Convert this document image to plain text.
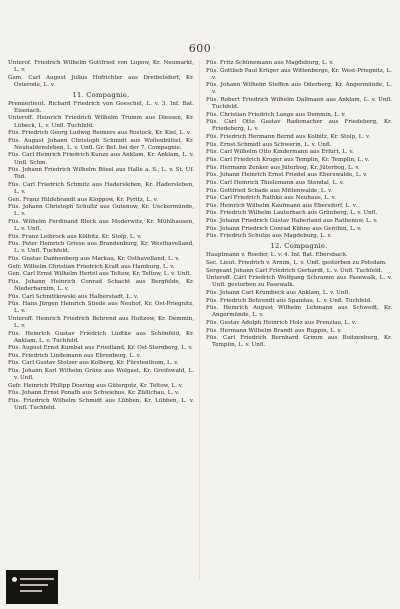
600
Unterof. Friedrich Wilhelm Gottfried von Lupow, Kr. Neumarkt, L. v.
Gem. Carl August Julius Hofrichter aus Dreibelsdorf, Kr. Osterode, L. v.
11. Compagnie.
Premierlieut. Richard Friedrich von Goeschel, L. v. 3. Inf. Bat. Eisenach.
Unteroff. Heinrich Friedrich Wilhelm Trumm aus Diessen, Kr. Lübeck, L. v. Unfl. Tuchfeld.
Füs. Friedrich Georg Ludwig Reimers aus Rostock, Kr. Kiel, L. v.
Füs. August Johann Christoph Schmidt aus Wolfenbüttel, Kr. Neuhaldensleben, L. v. Unfl. Gr. Bef. bei der 7. Compagnie.
Füs. Carl Heinrich Friedrich Kunze aus Anklam, Kr. Anklam, L. v. Unfl. Schm.
Füs. Johann Friedrich Wilhelm Bösel aus Halle a. S., L. v. St. Uf. Tod.
Füs. Carl Friedrich Schmitz aus Hadersleben, Kr. Hadersleben, L. v.
Gen. Franz Hildebrandt aus Kloppow, Kr. Pyritz, L. v.
Füs. Johann Christoph Schultz aus Gutenow, Kr. Ueckermünde, L. v.
Füs. Wilhelm Ferdinand Bleck aus Moderwitz, Kr. Mühlhausen, L. v. Unfl.
Füs. Franz Leibrock aus Kölbitz, Kr. Stolp, L. v.
Füs. Peter Heinrich Griese aus Brandenburg, Kr. Westhavelland, L. v. Unfl. Tuchfeld.
Füs. Gustav Dannenberg aus Markau, Kr. Osthavelland, L. v.
Gefr. Wilhelm Christian Friedrich Kraft aus Hamburg, L. v.
Gen. Carl Ernst Wilhelm Hertel aus Teltow, Kr. Teltow, L. v. Unfl.
Füs. Johann Heinrich Conrad Schacht aus Bergfelde, Kr. Niederbarnim, L. v.
Füs. Carl Schnittkowski aus Halberstadt, L. v.
Füs. Hans Jürgen Heinrich Stiede aus Neuhof, Kr. Ost-Priegnitz, L. v.
Unteroff. Heinrich Friedrich Behrend aus Holtzow, Kr. Demmin, L. v.
Füs. Heinrich Gustav Friedrich Lüdtke aus Schönfeld, Kr. Anklam, L. v. Tuchfeld.
Füs. August Ernst Kumbat aus Friedland, Kr. Ost-Sternberg, L. v.
Füs. Friedrich Lindemann aus Ehrenberg, L. v.
Füs. Carl Gustav Stolzer aus Kolberg, Kr. Fürstenthum, L. v.
Füs. Johann Karl Wilhelm Gränz aus Wolgast, Kr. Greifswald, L. v. Unfl.
Gefr. Heinrich Philipp Doering aus Gütergotz, Kr. Teltow, L. v.
Füs. Johann Ernst Ponath aus Schwiebus, Kr. Züllichau, L. v.
Füs. Friedrich Wilhelm Schmidt aus Lübben, Kr. Lübben, L. v. Unfl. Tuchfeld.
Füs. Fritz Schünemann aus Magdeburg, L. v.
Füs. Gottlieb Paul Krüger aus Wittenberge, Kr. West-Priegnitz, L. v.
Füs. Johann Wilhelm Steffen aus Oderberg, Kr. Angermünde, L. v.
Füs. Robert Friedrich Wilhelm Dallmann aus Anklam, L. v. Unfl. Tuchfeld.
Füs. Christian Friedrich Lange aus Demmin, L. v.
Füs. Carl Otto Gustav Rademacher aus Friedeberg, Kr. Friedeberg, L. v.
Füs. Friedrich Hermann Bernd aus Kolbitz, Kr. Stolp, L. v.
Füs. Ernst Schmidt aus Schwerin, L. v. Unfl.
Füs. Carl Wilhelm Otto Kindermann aus Erfurt, L. v.
Füs. Carl Friedrich Kruger aus Templin, Kr. Templin, L. v.
Füs. Hermann Zenker aus Jüterbog, Kr. Jüterbog, L. v.
Füs. Johann Heinrich Ernst Friedel aus Eberswalde, L. v.
Füs. Carl Heinrich Thielemann aus Stendal, L. v.
Füs. Gottfried Schade aus Mittenwalde, L. v.
Füs. Carl Friedrich Rathke aus Neuhaus, L. v.
Füs. Heinrich Wilhelm Kaufmann aus Ebersdorf, L. v.
Füs. Friedrich Wilhelm Lauterbach aus Grünberg, L. v. Unfl.
Füs. Johann Friedrich Gustav Haberland aus Rathenow, L. v.
Füs. Johann Friedrich Conrad Kühne aus Genthin, L. v.
Füs. Friedrich Schulze aus Magdeburg, L. v.
12. Compagnie.
Hauptmann v. Roeder, L. v. 4. Inf. Bat. Ebersbach.
Sec. Lieut. Friedrich v. Arnim, L. v. Unfl. gestorben zu Potsdam.
Sergeant Johann Carl Friedrich Gerhardt, L. v. Unfl. Tuchfeld.
Unteroff. Carl Friedrich Wolfgang Schramm aus Pasewalk, L. v. Unfl. gestorben zu Pasewalk.
Füs. Johann Carl Krumbeck aus Anklam, L. v. Unfl.
Füs. Friedrich Behrendt aus Spandau, L. v. Unfl. Tuchfeld.
Füs. Heinrich August Wilhelm Lehmann aus Schwedt, Kr. Angermünde, L. v.
Füs. Gustav Adolph Heinrich Holz aus Prenzlau, L. v.
Füs. Hermann Wilhelm Brandt aus Ruppin, L. v.
Füs. Carl Friedrich Bernhard Grimm aus Boitzenburg, Kr. Templin, L. v. Unfl.
